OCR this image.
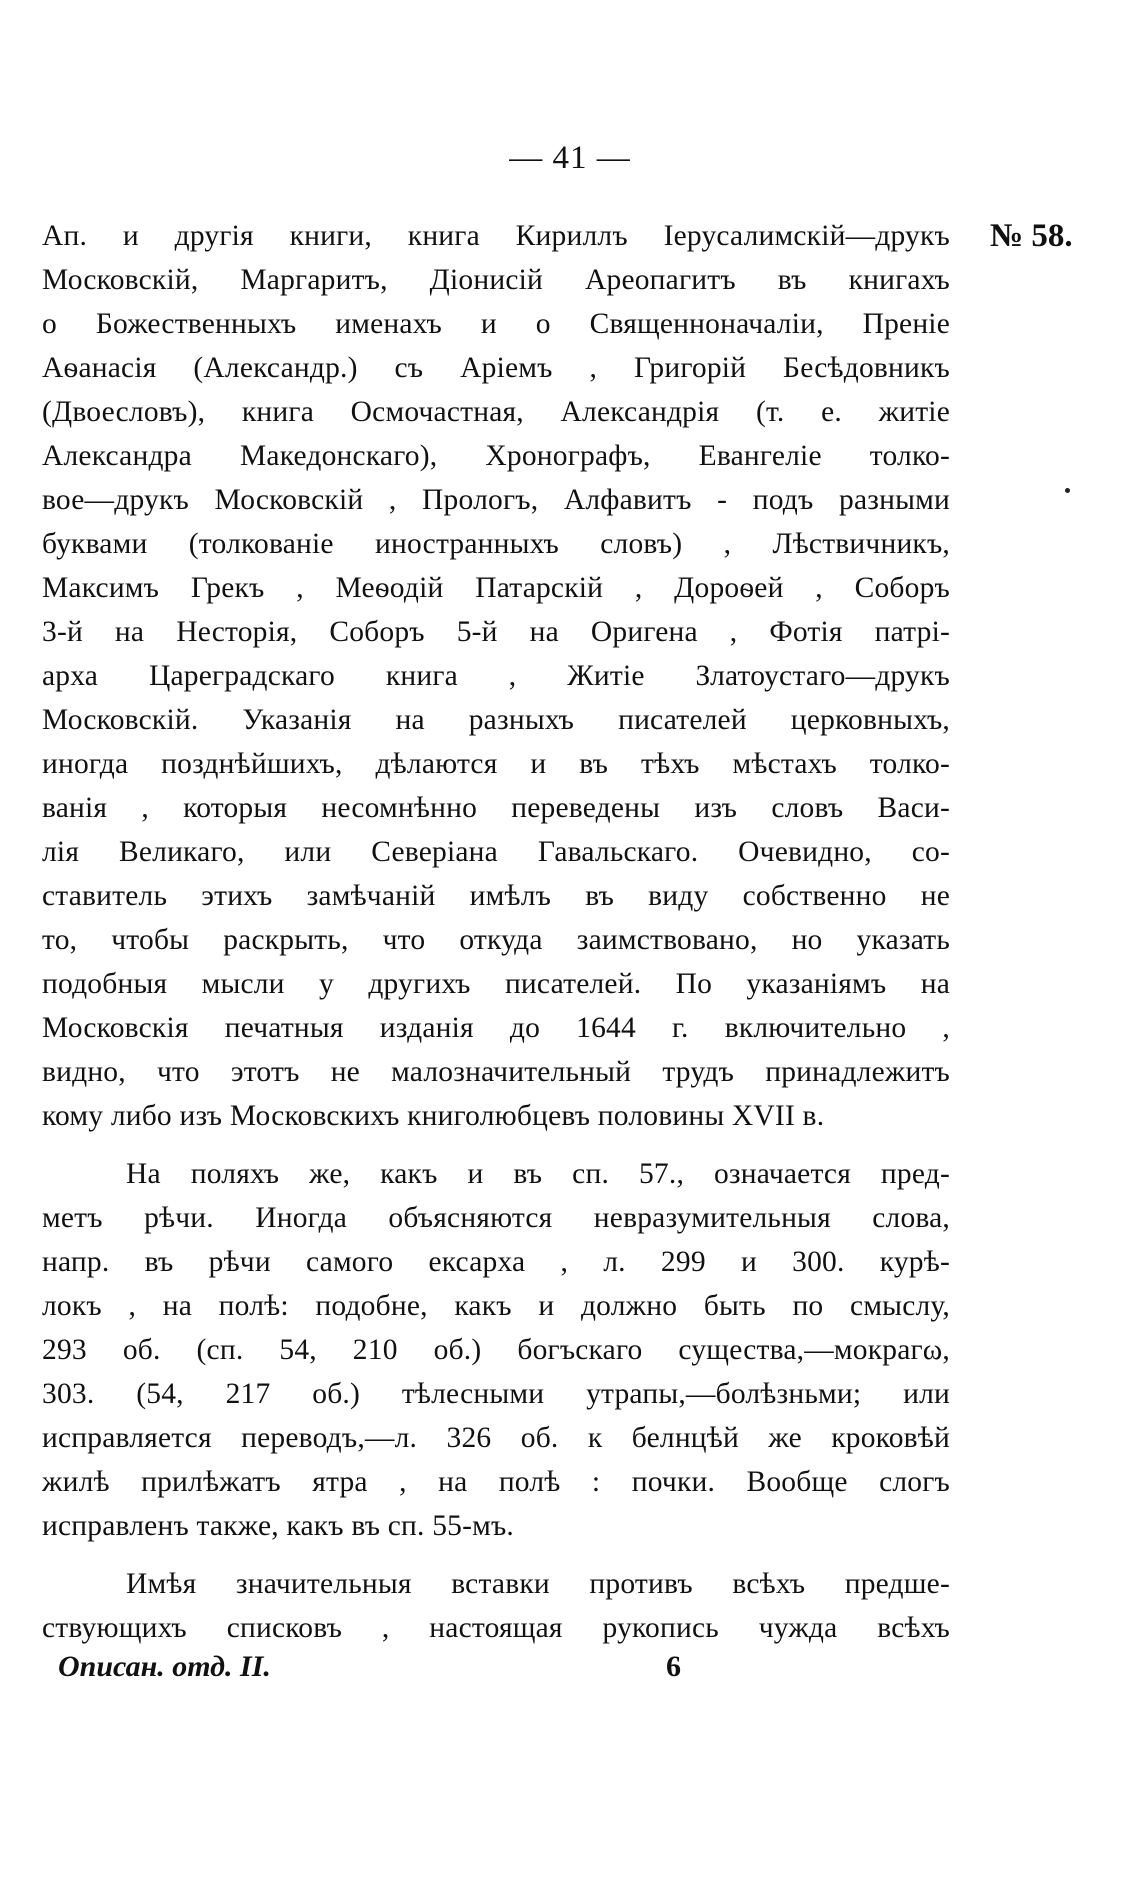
— 41 —
№ 58.
Ап. и другія книги, книга Кириллъ Іерусалимскій—друкъ
Московскій, Маргаритъ, Діонисій Ареопагитъ въ книгахъ
о Божественныхъ именахъ и о Священноначаліи, Преніе
Аѳанасія (Александр.) съ Аріемъ , Григорій Бесѣдовникъ
(Двоесловъ), книга Осмочастная, Александрія (т. е. житіе
Александра Македонскаго), Хронографъ, Евангеліе толко-
вое—друкъ Московскій , Прологъ, Алфавитъ - подъ разными
буквами (толкованіе иностранныхъ словъ) , Лѣствичникъ,
Максимъ Грекъ , Меѳодій Патарскій , Дороѳей , Соборъ
3-й на Несторія, Соборъ 5-й на Оригена , Фотія патрі-
арха Цареградскаго книга , Житіе Златоустаго—друкъ
Московскій. Указанія на разныхъ писателей церковныхъ,
иногда позднѣйшихъ, дѣлаются и въ тѣхъ мѣстахъ толко-
ванія , которыя несомнѣнно переведены изъ словъ Васи-
лія Великаго, или Северіана Гавальскаго. Очевидно, со-
ставитель этихъ замѣчаній имѣлъ въ виду собственно не
то, чтобы раскрыть, что откуда заимствовано, но указать
подобныя мысли у другихъ писателей. По указаніямъ на
Московскія печатныя изданія до 1644 г. включительно ,
видно, что этотъ не малозначительный трудъ принадлежитъ
кому либо изъ Московскихъ книголюбцевъ половины XVII в.
На поляхъ же, какъ и въ сп. 57., означается пред-
метъ рѣчи. Иногда объясняются невразумительныя слова,
напр. въ рѣчи самого ексарха , л. 299 и 300. курѣ-
локъ , на полѣ: подобне, какъ и должно быть по смыслу,
293 об. (сп. 54, 210 об.) богъскаго существа,—мокрагω,
303. (54, 217 об.) тѣлесными утрапы,—болѣзньми; или
исправляется переводъ,—л. 326 об. к белнцѣй же кроковѣй
жилѣ прилѣжатъ ятра , на полѣ : почки. Вообще слогъ
исправленъ также, какъ въ сп. 55-мъ.
Имѣя значительныя вставки противъ всѣхъ предше-
ствующихъ списковъ , настоящая рукопись чужда всѣхъ
Описан. отд. II.	6
